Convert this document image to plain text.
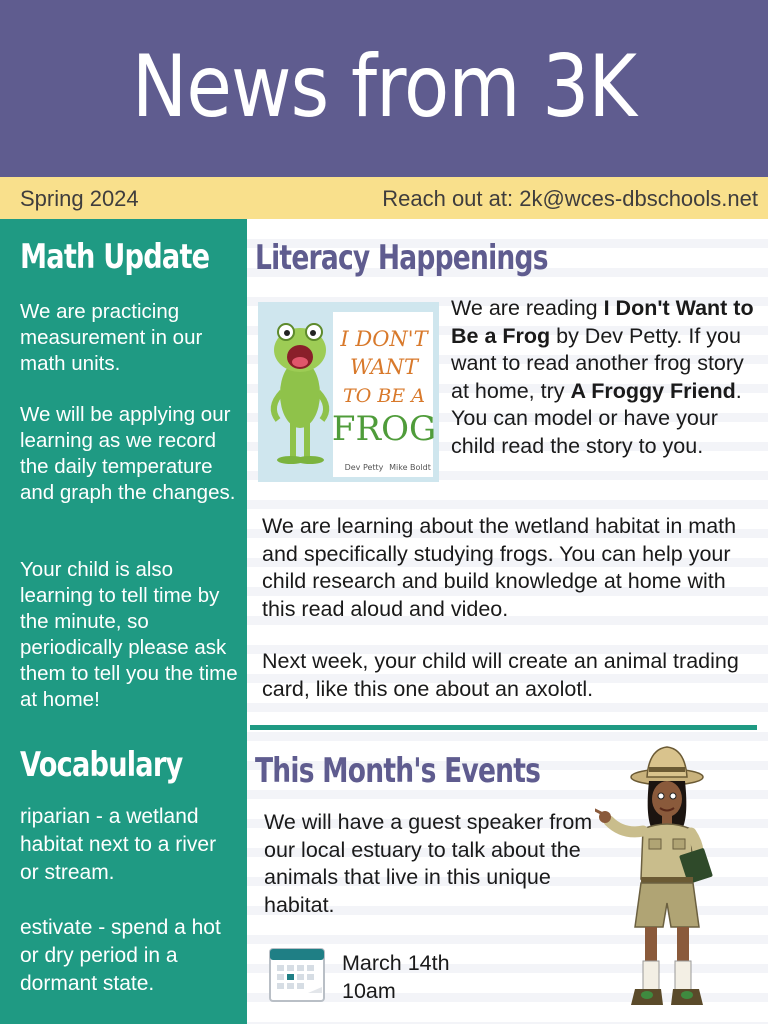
News from 3K
Spring 2024	Reach out at: 2k@wces-dbschools.net
Math Update
We are practicing measurement in our math units.
We will be applying our learning as we record the daily temperature and graph the changes.
Your child is also learning to tell time by the minute, so periodically please ask them to tell you the time at home!
Vocabulary
riparian - a wetland habitat next to a river or stream.
estivate - spend a hot or dry period in a dormant state.
Literacy Happenings
I DON'T
WANT
TO BE A
FROG
Dev Petty Mike Boldt
We are reading I Don't Want to Be a Frog by Dev Petty. If you want to read another frog story at home, try A Froggy Friend. You can model or have your child read the story to you.
We are learning about the wetland habitat in math and specifically studying frogs. You can help your child research and build knowledge at home with this read aloud and video.
Next week, your child will create an animal trading card, like this one about an axolotl.
This Month's Events
We will have a guest speaker from our local estuary to talk about the animals that live in this unique habitat.
March 14th
10am
